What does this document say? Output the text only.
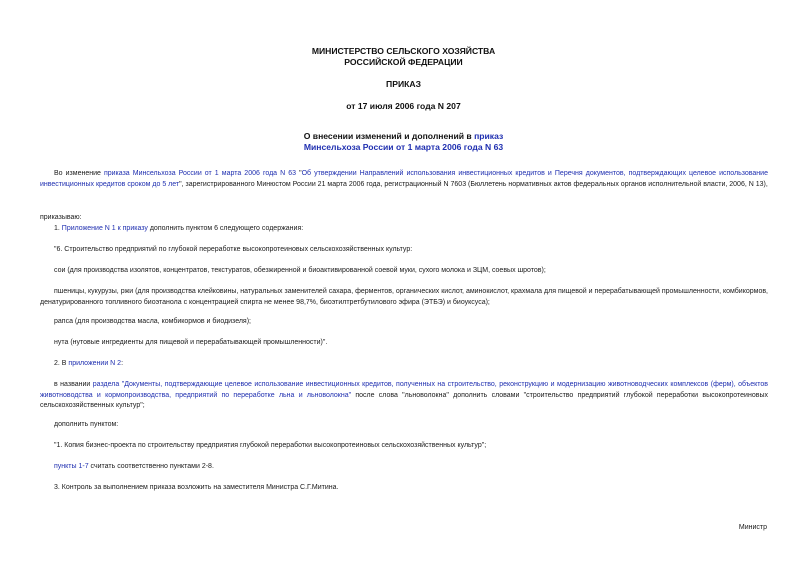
МИНИСТЕРСТВО СЕЛЬСКОГО ХОЗЯЙСТВА
РОССИЙСКОЙ ФЕДЕРАЦИИ
ПРИКАЗ
от 17 июля 2006 года N 207
О внесении изменений и дополнений в приказ
Минсельхоза России от 1 марта 2006 года N 63
Во изменение приказа Минсельхоза России от 1 марта 2006 года N 63 "Об утверждении Направлений использования инвестиционных кредитов и Перечня документов, подтверждающих целевое использование инвестиционных кредитов сроком до 5 лет", зарегистрированного Минюстом России 21 марта 2006 года, регистрационный N 7603 (Бюллетень нормативных актов федеральных органов исполнительной власти, 2006, N 13),
приказываю:
1. Приложение N 1 к приказу дополнить пунктом 6 следующего содержания:
"6. Строительство предприятий по глубокой переработке высокопротеиновых сельскохозяйственных культур:
сои (для производства изолятов, концентратов, текстуратов, обезжиренной и биоактивированной соевой муки, сухого молока и ЗЦМ, соевых шротов);
пшеницы, кукурузы, ржи (для производства клейковины, натуральных заменителей сахара, ферментов, органических кислот, аминокислот, крахмала для пищевой и перерабатывающей промышленности, комбикормов, денатурированного топливного биоэтанола с концентрацией спирта не менее 98,7%, биоэтилтретбутилового эфира (ЭТБЭ) и биоуксуса);
рапса (для производства масла, комбикормов и биодизеля);
нута (нутовые ингредиенты для пищевой и перерабатывающей промышленности)".
2. В приложении N 2:
в названии раздела "Документы, подтверждающие целевое использование инвестиционных кредитов, полученных на строительство, реконструкцию и модернизацию животноводческих комплексов (ферм), объектов животноводства и кормопроизводства, предприятий по переработке льна и льноволокна" после слова "льноволокна" дополнить словами "строительство предприятий глубокой переработки высокопротеиновых сельскохозяйственных культур";
дополнить пунктом:
"1. Копия бизнес-проекта по строительству предприятия глубокой переработки высокопротеиновых сельскохозяйственных культур";
пункты 1-7 считать соответственно пунктами 2-8.
3. Контроль за выполнением приказа возложить на заместителя Министра С.Г.Митина.
Министр
